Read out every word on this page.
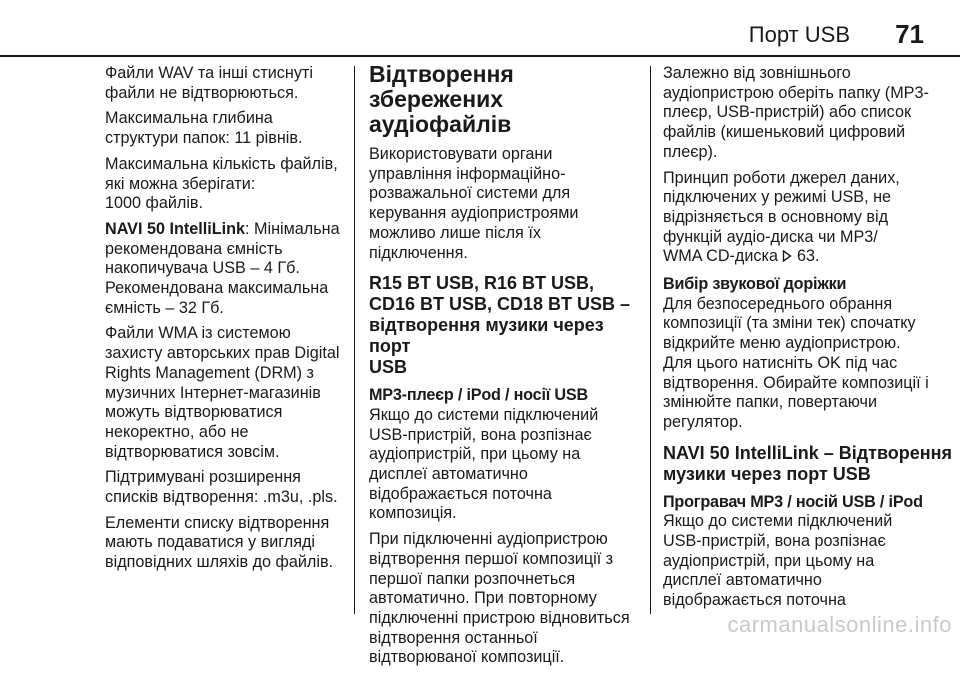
Порт USB 71

Файли WAV та інші стиснуті
файли не відтворюються.

Максимальна глибина
структури папок: 11 рівнів.

Максимальна кількість файлів,
які можна зберігати:
1000 файлів.

NAVI 50 IntelliLink: Мінімальна
рекомендована ємність
накопичувача USB – 4 Гб.
Рекомендована максимальна
ємність – 32 Гб.

Файли WMA із системою
захисту авторських прав Digital
Rights Management (DRM) з
музичних Інтернет-магазинів
можуть відтворюватися
некоректно, або не
відтворюватися зовсім.

Підтримувані розширення
списків відтворення: .m3u, .pls.

Елементи списку відтворення
мають подаватися у вигляді
відповідних шляхів до файлів.

Відтворення збережених
аудіофайлів

Використовувати органи
управління інформаційно-
розважальної системи для
керування аудіопристроями
можливо лише після їх
підключення.

R15 BT USB, R16 BT USB,
CD16 BT USB, CD18 BT USB –
відтворення музики через порт
USB
MP3-плеєр / iPod / носії USB

Якщо до системи підключений
USB-пристрій, вона розпізнає
аудіопристрій, при цьому на
дисплеї автоматично
відображається поточна
композиція.

При підключенні аудіопристрою
відтворення першої композиції з
першої папки розпочнеться
автоматично. При повторному
підключенні пристрою відновиться
відтворення останньої
відтворюваної композиції.

Залежно від зовнішнього
аудіопристрою оберіть папку (MP3-
плеєр, USB-пристрій) або список
файлів (кишеньковий цифровий
плеєр).

Принцип роботи джерел даних,
підключених у режимі USB, не
відрізняється в основному від
функцій аудіо-диска чи MP3/
WMA CD-диска 63.

Вибір звукової доріжки

Для безпосереднього обрання
композиції (та зміни тек) спочатку
відкрийте меню аудіопристрою.
Для цього натисніть OK під час
відтворення. Обирайте композиції і
змінюйте папки, повертаючи
регулятор.

NAVI 50 IntelliLink – Відтворення
музики через порт USB
Програвач MP3 / носій USB / iPod

Якщо до системи підключений
USB-пристрій, вона розпізнає
аудіопристрій, при цьому на
дисплеї автоматично
відображається поточна

carmanualsonline.info
